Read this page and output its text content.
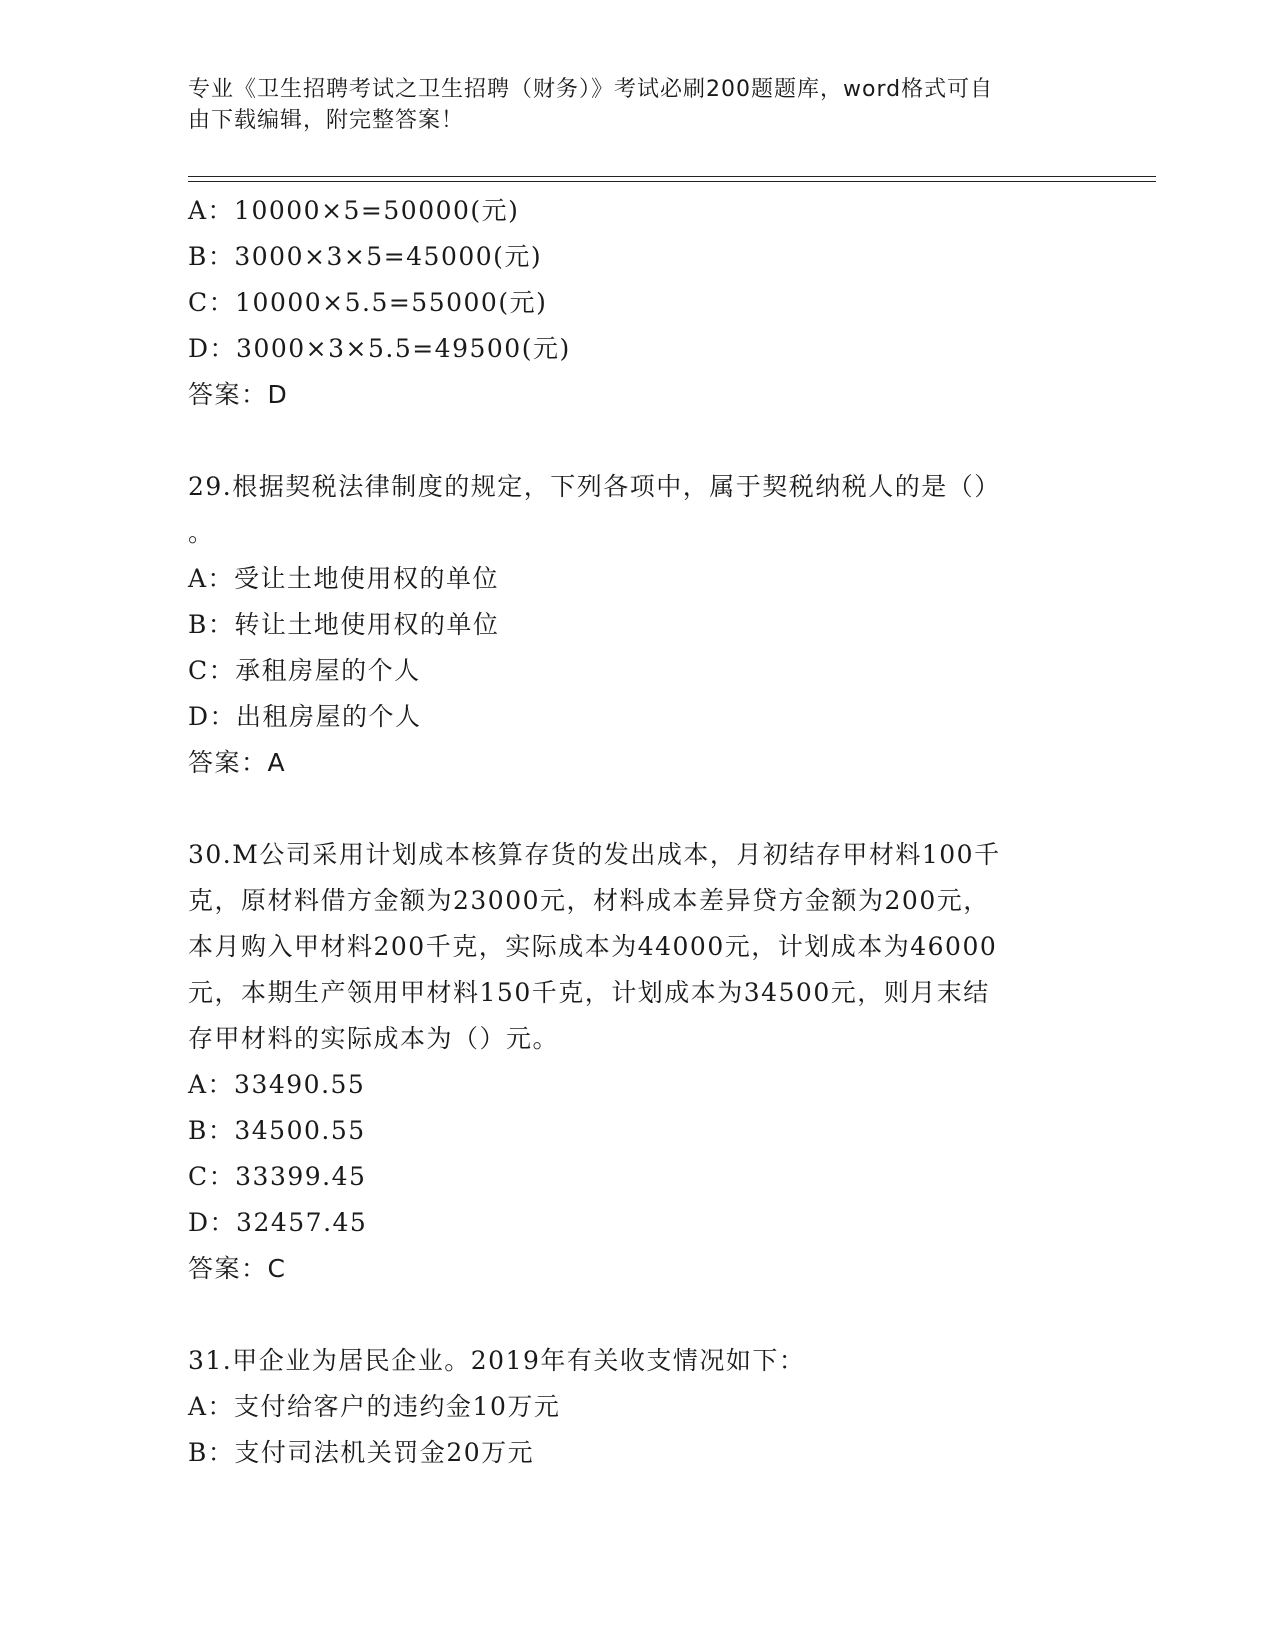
专业《卫生招聘考试之卫生招聘（财务）》考试必刷200题题库，word格式可自
由下载编辑，附完整答案！
A：10000×5=50000(元)
B：3000×3×5=45000(元)
C：10000×5.5=55000(元)
D：3000×3×5.5=49500(元)
答案：D
29.根据契税法律制度的规定，下列各项中，属于契税纳税人的是（）
。
A：受让土地使用权的单位
B：转让土地使用权的单位
C：承租房屋的个人
D：出租房屋的个人
答案：A
30.M公司采用计划成本核算存货的发出成本，月初结存甲材料100千
克，原材料借方金额为23000元，材料成本差异贷方金额为200元，
本月购入甲材料200千克，实际成本为44000元，计划成本为46000
元，本期生产领用甲材料150千克，计划成本为34500元，则月末结
存甲材料的实际成本为（）元。
A：33490.55
B：34500.55
C：33399.45
D：32457.45
答案：C
31.甲企业为居民企业。2019年有关收支情况如下：
A：支付给客户的违约金10万元
B：支付司法机关罚金20万元
